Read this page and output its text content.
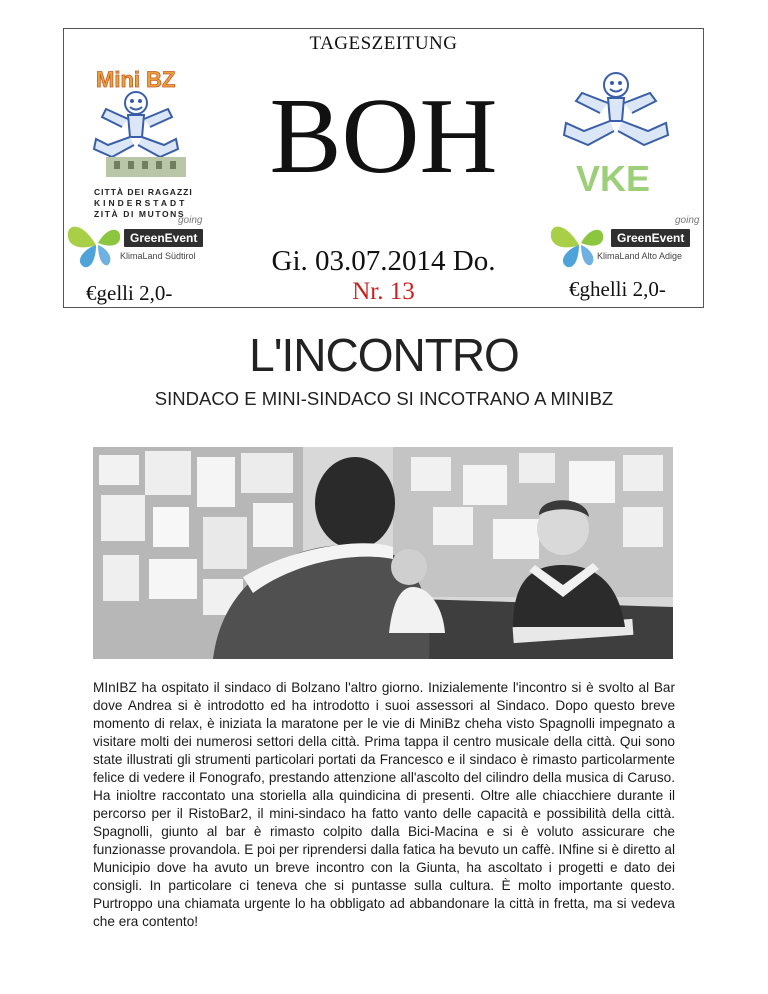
TAGESZEITUNG
BOH
Mini BZ
CITTÀ DEI RAGAZZI
KINDERSTADT
ZITÀ DI MUTONS
VKE
going
GreenEvent
KlimaLand Südtirol
going
GreenEvent
KlimaLand Alto Adige
Gi. 03.07.2014 Do.
Nr. 13
€gelli 2,0-	€ghelli 2,0-
L'INCONTRO
SINDACO E MINI-SINDACO SI INCOTRANO A MINIBZ
MInIBZ ha ospitato il sindaco di Bolzano l'altro giorno. Inizialemente l'incontro si è svolto al Bar dove Andrea si è introdotto ed ha introdotto i suoi assessori al Sindaco. Dopo questo breve momento di relax, è iniziata la maratone per le vie di MiniBz cheha visto Spagnolli impegnato a visitare molti dei numerosi settori della città. Prima tappa il centro musicale della città. Qui sono state illustrati gli strumenti particolari portati da Francesco e il sindaco è rimasto particolarmente felice di vedere il Fonografo, prestando attenzione all'ascolto del cilindro della musica di Caruso. Ha inioltre raccontato una storiella alla quindicina di presenti. Oltre alle chiacchiere durante il percorso per il RistoBar2, il mini-sindaco ha fatto vanto delle capacità e possibilità della città. Spagnolli, giunto al bar è rimasto colpito dalla Bici-Macina e si è voluto assicurare che funzionasse provandola. E poi per riprendersi dalla fatica ha bevuto un caffè. INfine si è diretto al Municipio dove ha avuto un breve incontro con la Giunta, ha ascoltato i progetti e dato dei consigli. In particolare ci teneva che si puntasse sulla cultura. È molto importante questo. Purtroppo una chiamata urgente lo ha obbligato ad abbandonare la città in fretta, ma si vedeva che era contento!
